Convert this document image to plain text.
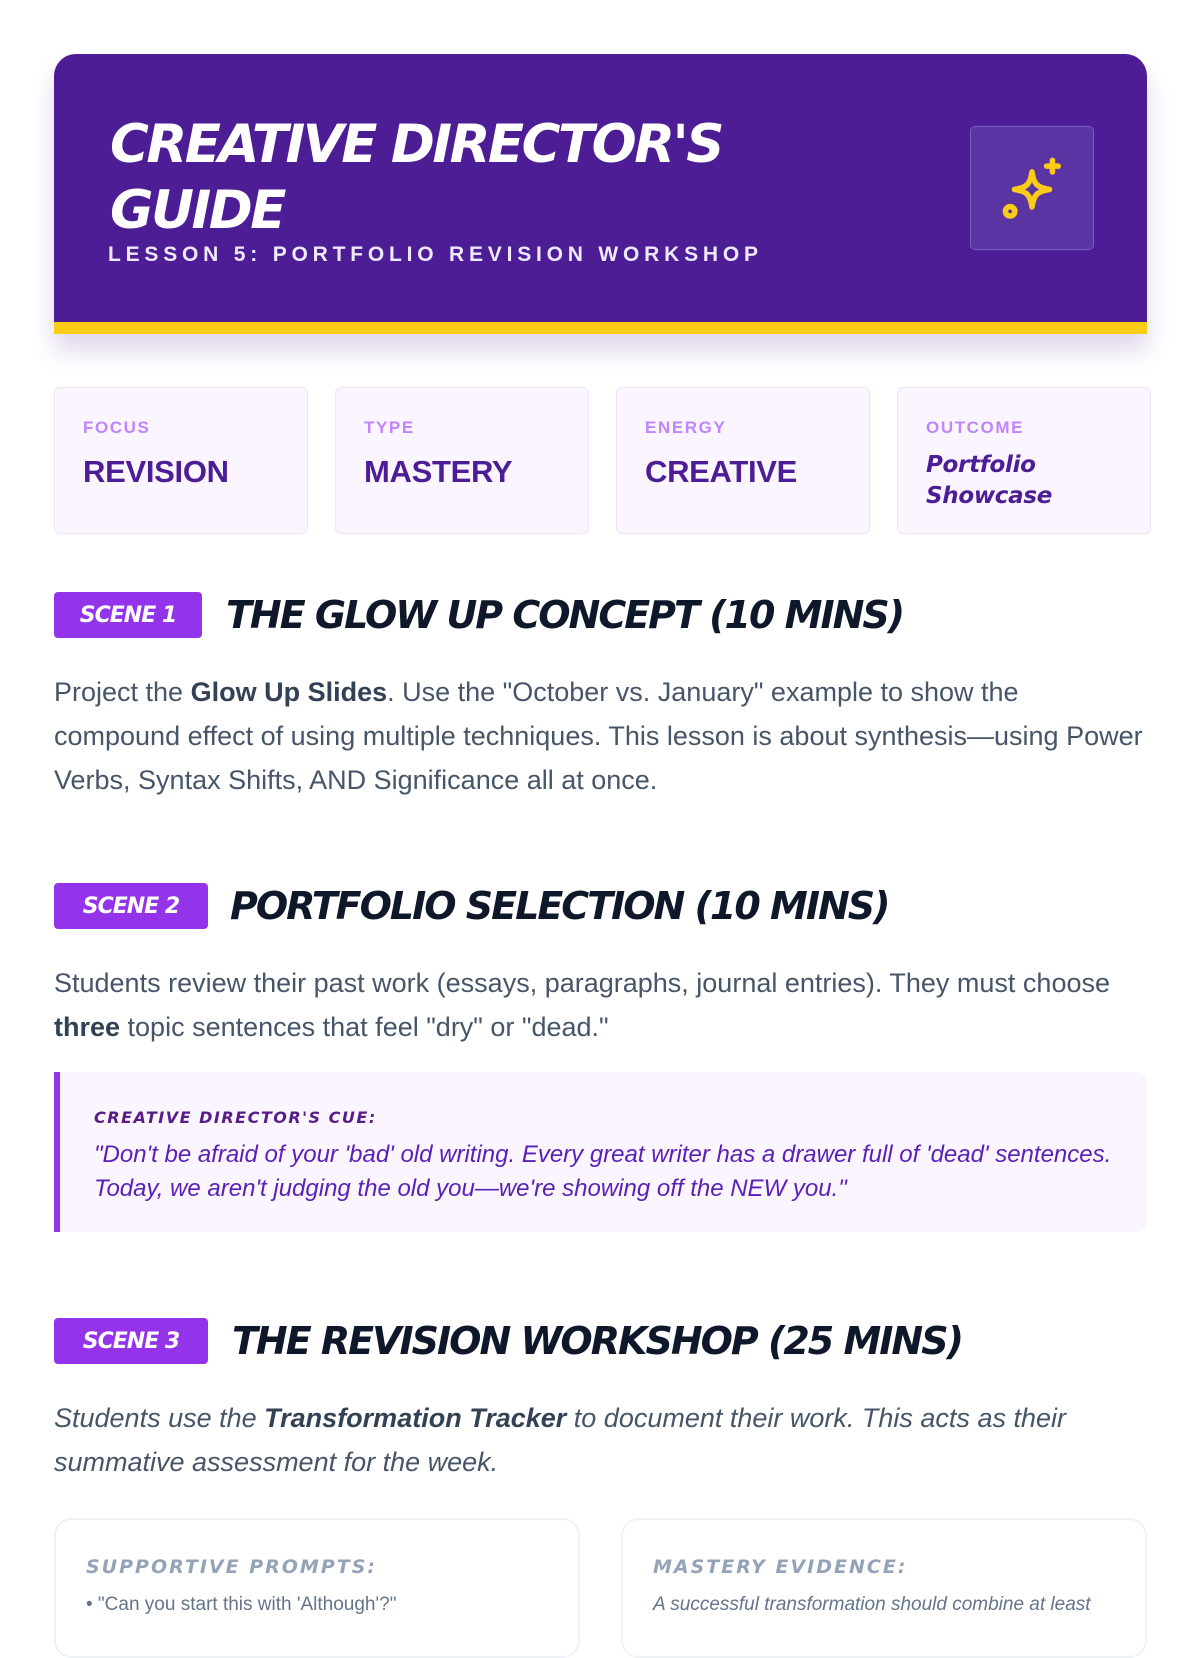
CREATIVE DIRECTOR'S GUIDE
LESSON 5: PORTFOLIO REVISION WORKSHOP
FOCUS
REVISION
TYPE
MASTERY
ENERGY
CREATIVE
OUTCOME
Portfolio Showcase
SCENE 1	THE GLOW UP CONCEPT (10 MINS)
Project the Glow Up Slides. Use the "October vs. January" example to show the compound effect of using multiple techniques. This lesson is about synthesis—using Power Verbs, Syntax Shifts, AND Significance all at once.
SCENE 2	PORTFOLIO SELECTION (10 MINS)
Students review their past work (essays, paragraphs, journal entries). They must choose three topic sentences that feel "dry" or "dead."
CREATIVE DIRECTOR'S CUE:
"Don't be afraid of your 'bad' old writing. Every great writer has a drawer full of 'dead' sentences. Today, we aren't judging the old you—we're showing off the NEW you."
SCENE 3	THE REVISION WORKSHOP (25 MINS)
Students use the Transformation Tracker to document their work. This acts as their summative assessment for the week.
SUPPORTIVE PROMPTS:
• "Can you start this with 'Although'?"
MASTERY EVIDENCE:
A successful transformation should combine at least
